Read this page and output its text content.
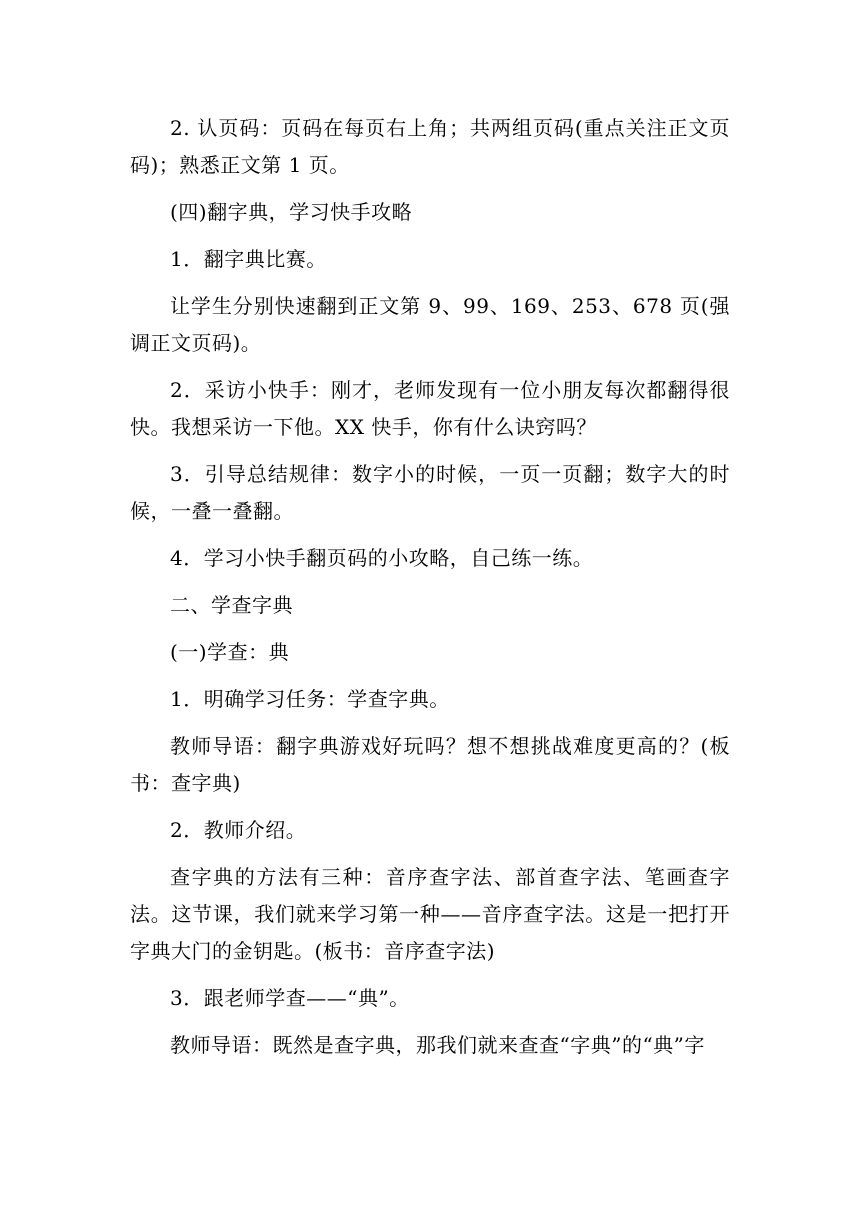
2. 认页码：页码在每页右上角；共两组页码(重点关注正文页码)；熟悉正文第 1 页。

(四)翻字典，学习快手攻略

1．翻字典比赛。

让学生分别快速翻到正文第 9、99、169、253、678 页(强调正文页码)。

2．采访小快手：刚才，老师发现有一位小朋友每次都翻得很快。我想采访一下他。XX 快手，你有什么诀窍吗？

3．引导总结规律：数字小的时候，一页一页翻；数字大的时候，一叠一叠翻。

4．学习小快手翻页码的小攻略，自己练一练。

二、学查字典

(一)学查：典

1．明确学习任务：学查字典。

教师导语：翻字典游戏好玩吗？想不想挑战难度更高的？(板书：查字典)

2．教师介绍。

查字典的方法有三种：音序查字法、部首查字法、笔画查字法。这节课，我们就来学习第一种——音序查字法。这是一把打开字典大门的金钥匙。(板书：音序查字法)

3．跟老师学查——“典”。

教师导语：既然是查字典，那我们就来查查“字典”的“典”字
